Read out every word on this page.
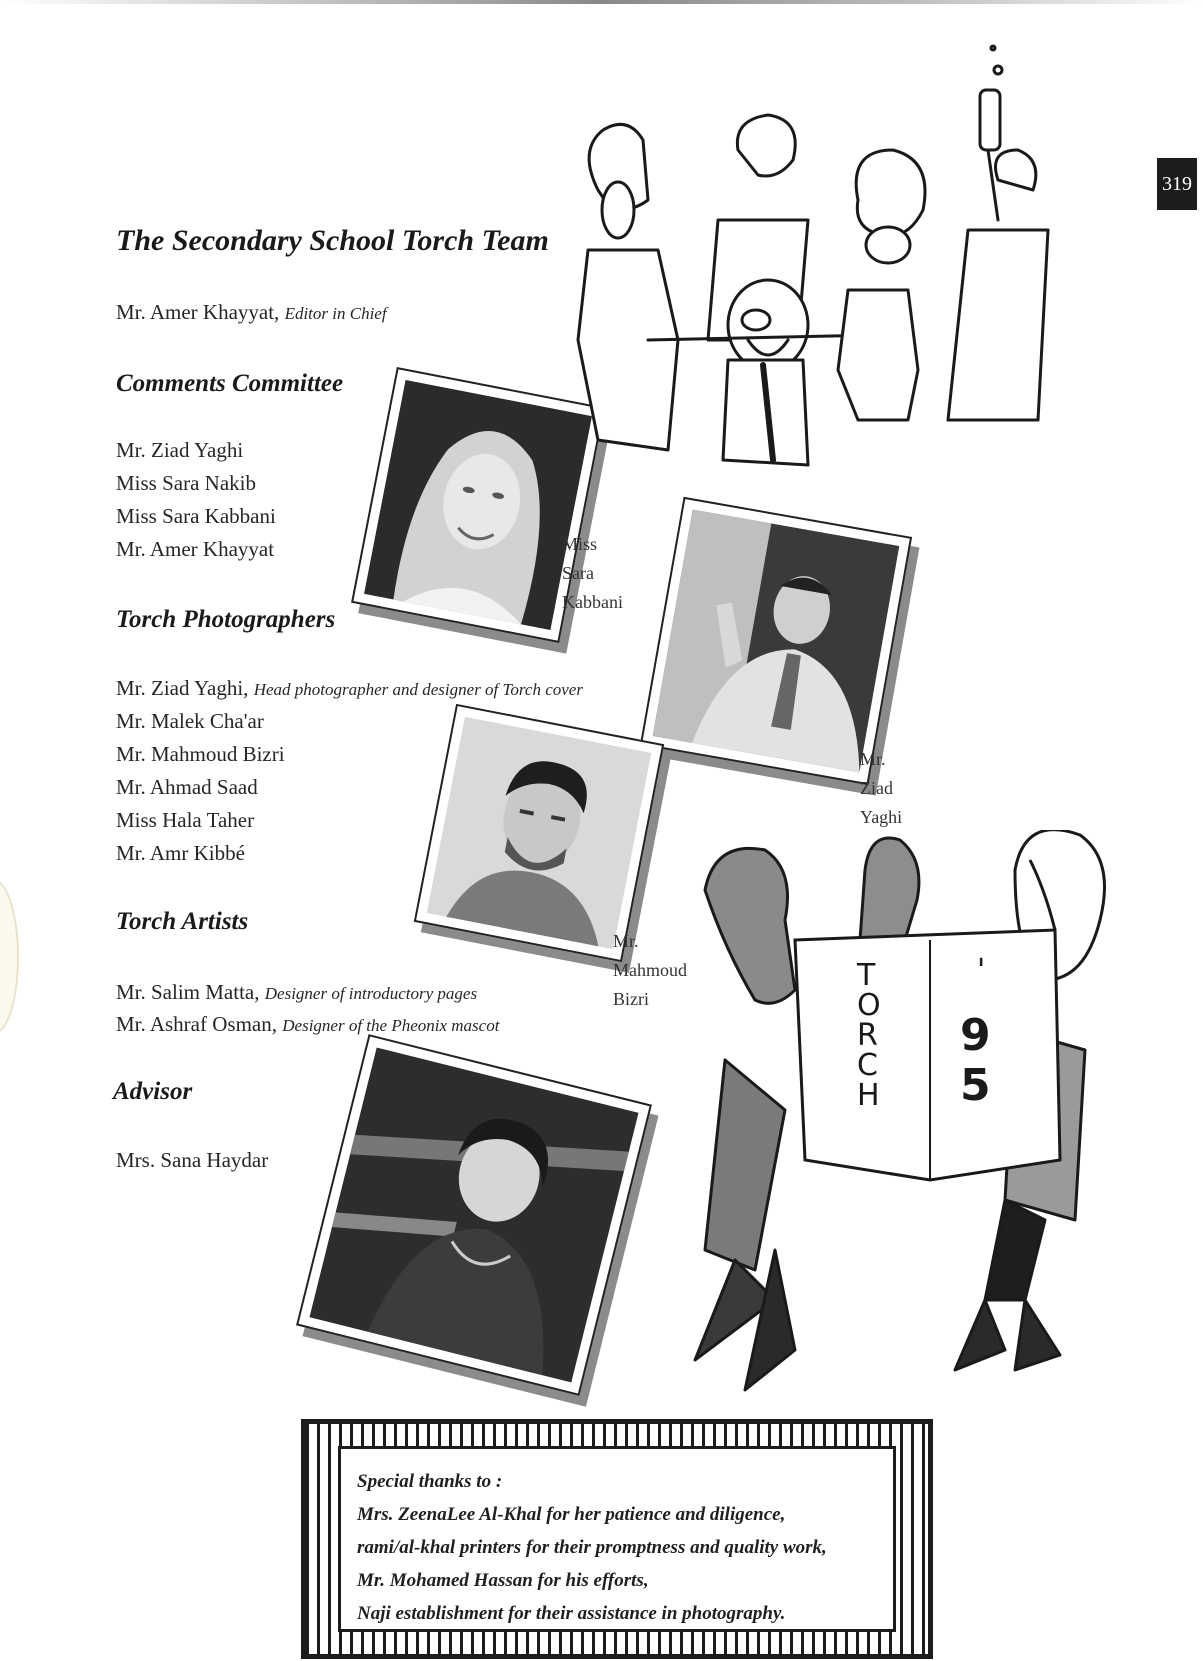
319
The Secondary School Torch Team
Mr. Amer Khayyat, Editor in Chief
Comments Committee
Mr. Ziad Yaghi
Miss Sara Nakib
Miss Sara Kabbani
Mr. Amer Khayyat
Torch Photographers
Mr. Ziad Yaghi, Head photographer and designer of Torch cover
Mr. Malek Cha'ar
Mr. Mahmoud Bizri
Mr. Ahmad Saad
Miss Hala Taher
Mr. Amr Kibbé
Torch Artists
Mr. Salim Matta, Designer of introductory pages
Mr. Ashraf Osman, Designer of the Pheonix mascot
Advisor
Mrs. Sana Haydar
Miss
Sara
Kabbani
Mr.
Ziad
Yaghi
Mr.
Mahmoud
Bizri
T O R C H
'
9
5
Special thanks to :
Mrs. ZeenaLee Al-Khal for her patience and diligence,
rami/al-khal printers for their promptness and quality work,
Mr. Mohamed Hassan for his efforts,
Naji establishment for their assistance in photography.
